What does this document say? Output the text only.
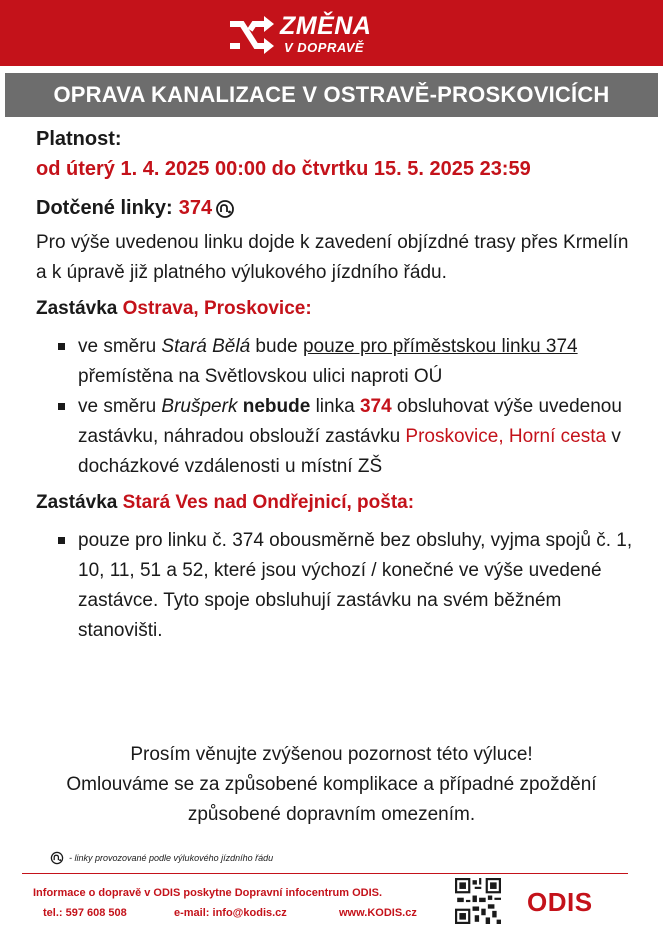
ZMĚNA
V DOPRAVĚ
OPRAVA KANALIZACE V OSTRAVĚ-PROSKOVICÍCH
Platnost:
od úterý 1. 4. 2025 00:00 do čtvrtku 15. 5. 2025 23:59
Dotčené linky: 374

Pro výše uvedenou linku dojde k zavedení objízdné trasy přes Krmelín a k úpravě již platného výlukového jízdního řádu.

Zastávka Ostrava, Proskovice:
ve směru Stará Bělá bude pouze pro příměstskou linku 374 přemístěna na Světlovskou ulici naproti OÚ
ve směru Brušperk nebude linka 374 obsluhovat výše uvedenou zastávku, náhradou obslouží zastávku Proskovice, Horní cesta v docházkové vzdálenosti u místní ZŠ
Zastávka Stará Ves nad Ondřejnicí, pošta:
pouze pro linku č. 374 obousměrně bez obsluhy, vyjma spojů č. 1, 10, 11, 51 a 52, které jsou výchozí / konečné ve výše uvedené zastávce. Tyto spoje obsluhují zastávku na svém běžném stanovišti.
Prosím věnujte zvýšenou pozornost této výluce!
Omlouváme se za způsobené komplikace a případné zpoždění
způsobené dopravním omezením.
- linky provozované podle výlukového jízdního řádu
Informace o dopravě v ODIS poskytne Dopravní infocentrum ODIS.
tel.: 597 608 508	e-mail: info@kodis.cz	www.KODIS.cz	ODIS
